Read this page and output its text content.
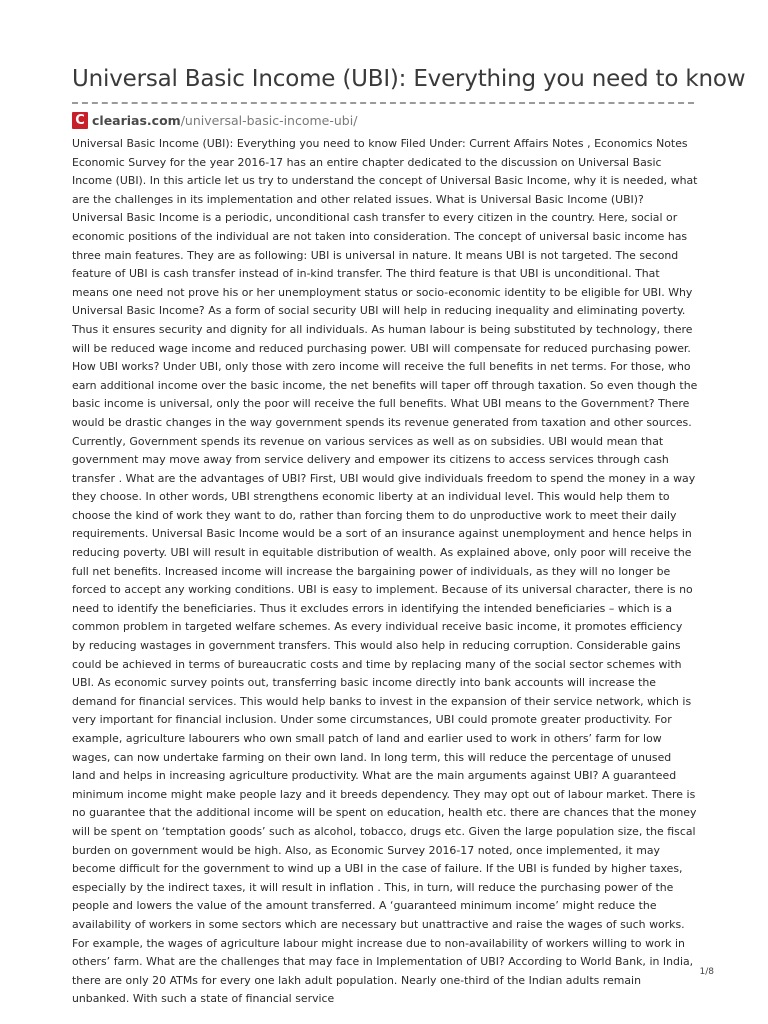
Universal Basic Income (UBI): Everything you need to know
C clearias.com /universal-basic-income-ubi/

Universal Basic Income (UBI): Everything you need to know Filed Under: Current Affairs Notes , Economics Notes Economic Survey for the year 2016-17 has an entire chapter dedicated to the discussion on Universal Basic Income (UBI). In this article let us try to understand the concept of Universal Basic Income, why it is needed, what are the challenges in its implementation and other related issues. What is Universal Basic Income (UBI)? Universal Basic Income is a periodic, unconditional cash transfer to every citizen in the country. Here, social or economic positions of the individual are not taken into consideration. The concept of universal basic income has three main features. They are as following: UBI is universal in nature. It means UBI is not targeted. The second feature of UBI is cash transfer instead of in-kind transfer. The third feature is that UBI is unconditional. That means one need not prove his or her unemployment status or socio-economic identity to be eligible for UBI. Why Universal Basic Income? As a form of social security UBI will help in reducing inequality and eliminating poverty. Thus it ensures security and dignity for all individuals. As human labour is being substituted by technology, there will be reduced wage income and reduced purchasing power. UBI will compensate for reduced purchasing power. How UBI works? Under UBI, only those with zero income will receive the full benefits in net terms. For those, who earn additional income over the basic income, the net benefits will taper off through taxation. So even though the basic income is universal, only the poor will receive the full benefits. What UBI means to the Government? There would be drastic changes in the way government spends its revenue generated from taxation and other sources. Currently, Government spends its revenue on various services as well as on subsidies. UBI would mean that government may move away from service delivery and empower its citizens to access services through cash transfer . What are the advantages of UBI? First, UBI would give individuals freedom to spend the money in a way they choose. In other words, UBI strengthens economic liberty at an individual level. This would help them to choose the kind of work they want to do, rather than forcing them to do unproductive work to meet their daily requirements. Universal Basic Income would be a sort of an insurance against unemployment and hence helps in reducing poverty. UBI will result in equitable distribution of wealth. As explained above, only poor will receive the full net benefits. Increased income will increase the bargaining power of individuals, as they will no longer be forced to accept any working conditions. UBI is easy to implement. Because of its universal character, there is no need to identify the beneficiaries. Thus it excludes errors in identifying the intended beneficiaries – which is a common problem in targeted welfare schemes. As every individual receive basic income, it promotes efficiency by reducing wastages in government transfers. This would also help in reducing corruption. Considerable gains could be achieved in terms of bureaucratic costs and time by replacing many of the social sector schemes with UBI. As economic survey points out, transferring basic income directly into bank accounts will increase the demand for financial services. This would help banks to invest in the expansion of their service network, which is very important for financial inclusion. Under some circumstances, UBI could promote greater productivity. For example, agriculture labourers who own small patch of land and earlier used to work in others’ farm for low wages, can now undertake farming on their own land. In long term, this will reduce the percentage of unused land and helps in increasing agriculture productivity. What are the main arguments against UBI? A guaranteed minimum income might make people lazy and it breeds dependency. They may opt out of labour market. There is no guarantee that the additional income will be spent on education, health etc. there are chances that the money will be spent on ‘temptation goods’ such as alcohol, tobacco, drugs etc. Given the large population size, the fiscal burden on government would be high. Also, as Economic Survey 2016-17 noted, once implemented, it may become difficult for the government to wind up a UBI in the case of failure. If the UBI is funded by higher taxes, especially by the indirect taxes, it will result in inflation . This, in turn, will reduce the purchasing power of the people and lowers the value of the amount transferred. A ‘guaranteed minimum income’ might reduce the availability of workers in some sectors which are necessary but unattractive and raise the wages of such works. For example, the wages of agriculture labour might increase due to non-availability of workers willing to work in others’ farm. What are the challenges that may face in Implementation of UBI? According to World Bank, in India, there are only 20 ATMs for every one lakh adult population. Nearly one-third of the Indian adults remain unbanked. With such a state of financial service

1/8
